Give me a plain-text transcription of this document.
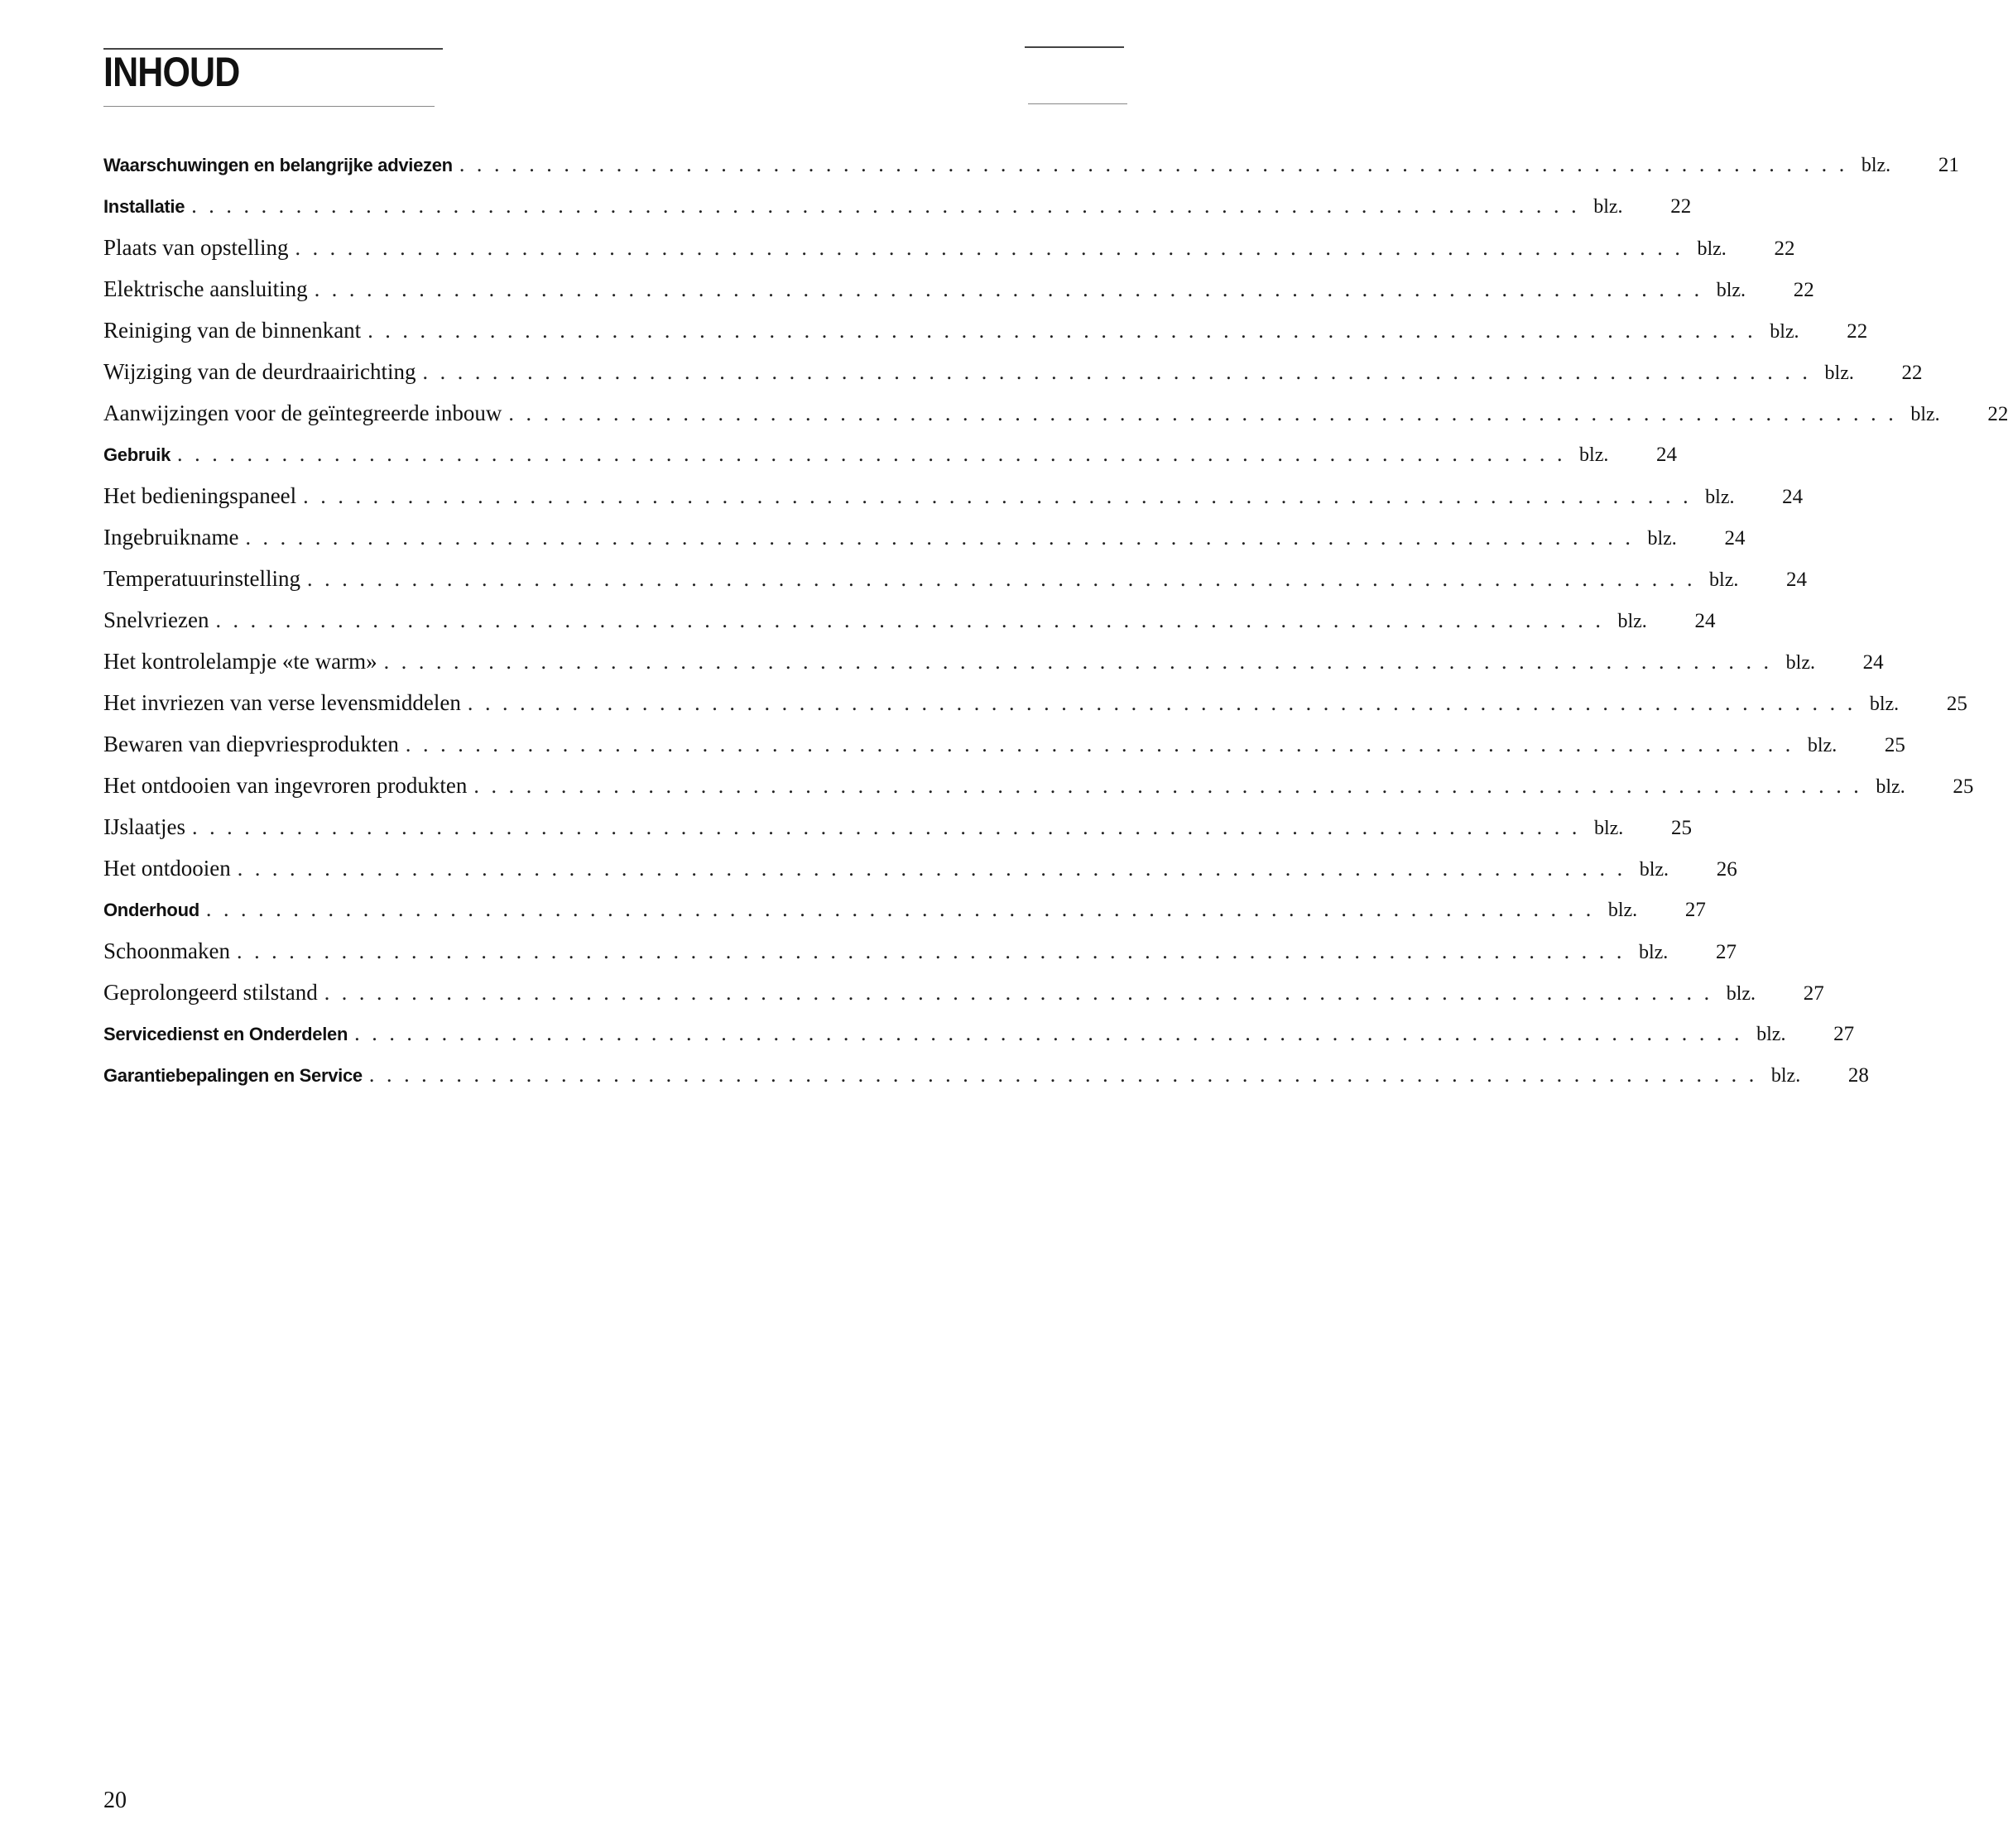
INHOUD
Waarschuwingen en belangrijke adviezen ................................................................................ blz.	21
Installatie ................................................................................ blz.	22
Plaats van opstelling ................................................................................ blz.	22
Elektrische aansluiting ................................................................................ blz.	22
Reiniging van de binnenkant ................................................................................ blz.	22
Wijziging van de deurdraairichting ................................................................................ blz.	22
Aanwijzingen voor de geïntegreerde inbouw ................................................................................ blz.	22
Gebruik ................................................................................ blz.	24
Het bedieningspaneel ................................................................................ blz.	24
Ingebruikname ................................................................................ blz.	24
Temperatuurinstelling ................................................................................ blz.	24
Snelvriezen ................................................................................ blz.	24
Het kontrolelampje «te warm» ................................................................................ blz.	24
Het invriezen van verse levensmiddelen ................................................................................ blz.	25
Bewaren van diepvriesprodukten ................................................................................ blz.	25
Het ontdooien van ingevroren produkten ................................................................................ blz.	25
IJslaatjes ................................................................................ blz.	25
Het ontdooien ................................................................................ blz.	26
Onderhoud ................................................................................ blz.	27
Schoonmaken ................................................................................ blz.	27
Geprolongeerd stilstand ................................................................................ blz.	27
Servicedienst en Onderdelen ................................................................................ blz.	27
Garantiebepalingen en Service ................................................................................ blz.	28
20
